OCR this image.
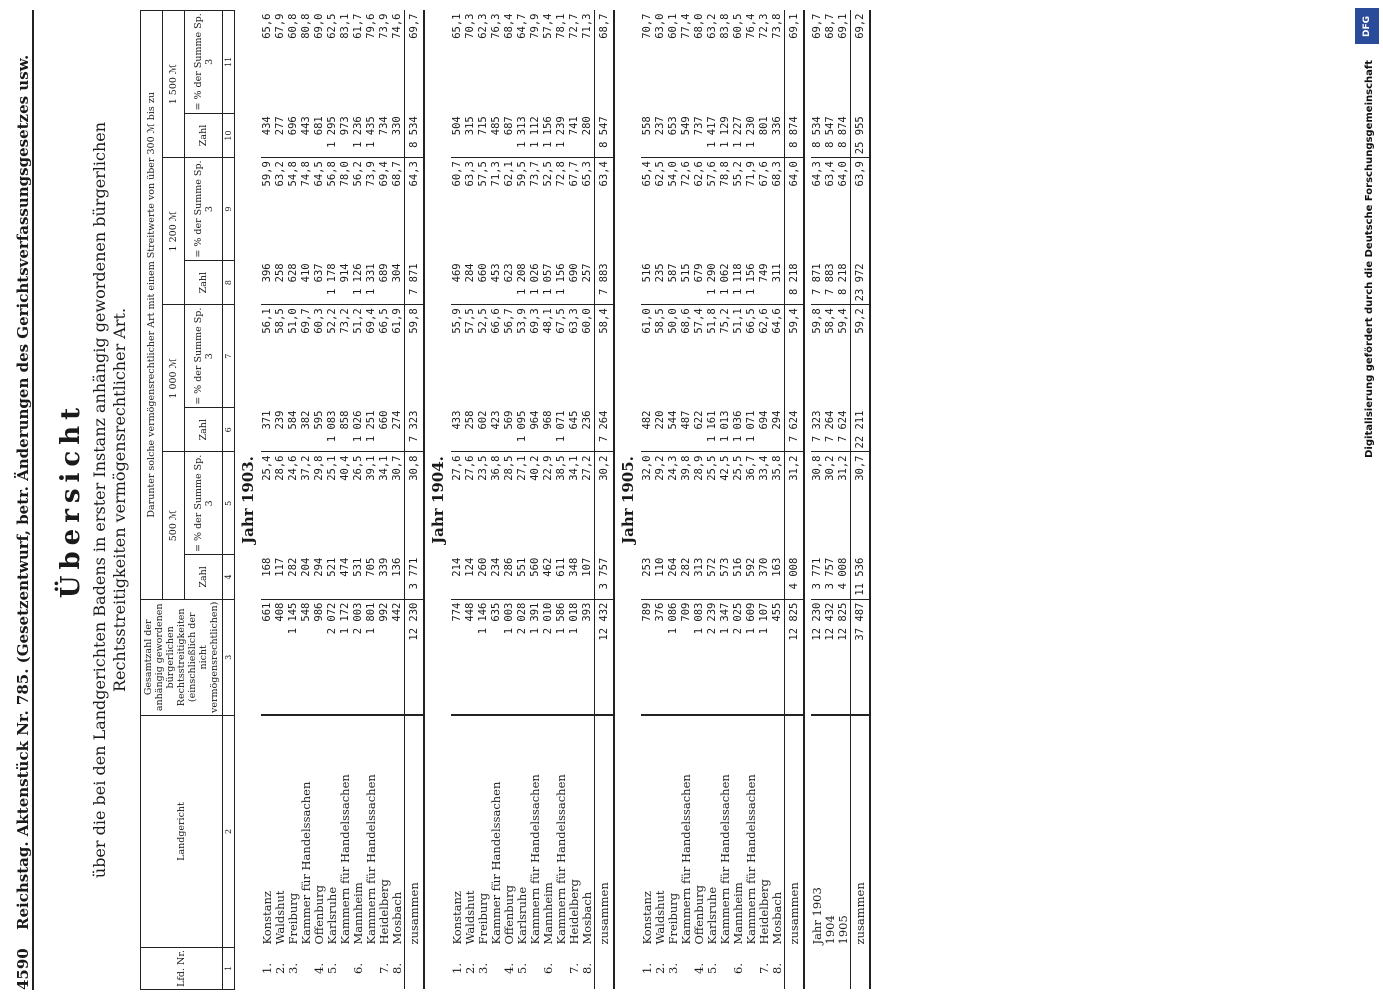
4590
Reichstag. Aktenstück Nr. 785. (Gesetzentwurf, betr. Änderungen des Gerichtsverfassungsgesetzes usw. Übersicht über die bei den Landgerichten Badens in erster Instanz anhängig gewordenen bürgerlichen Rechtsstreitigkeiten vermögensrechtlicher Art.
Lfd. Nr.	Landgericht	Gesamtzahl der anhängig gewordenen bürgerlichen Rechtsstreitigkeiten (einschließlich der nicht vermögensrechtlichen)	Darunter solche vermögensrechtlicher Art mit einem Streitwerte von über 300 ℳ bis zu							
			500 ℳ		1 000 ℳ		1 200 ℳ		1 500 ℳ	
			Zahl	= % der Summe Sp. 3	Zahl	= % der Summe Sp. 3	Zahl	= % der Summe Sp. 3	Zahl	= % der Summe Sp. 3
1	2	3	4	5	6	7	8	9	10	11
Jahr 1903.										
1.	Konstanz	661	168	25,4	371	56,1	396	59,9	434	65,6
2.	Waldshut	408	117	28,6	239	58,5	258	63,2	277	67,9
3.	Freiburg	1 145	282	24,6	584	51,0	628	54,8	696	60,8
	Kammer für Handelssachen	548	204	37,2	382	69,7	410	74,8	443	80,8
4.	Offenburg	986	294	29,8	595	60,3	637	64,5	681	69,0
5.	Karlsruhe	2 072	521	25,1	1 083	52,2	1 178	56,8	1 295	62,5
	Kammern für Handelssachen	1 172	474	40,4	858	73,2	914	78,0	973	83,1
6.	Mannheim	2 003	531	26,5	1 026	51,2	1 126	56,2	1 236	61,7
	Kammern für Handelssachen	1 801	705	39,1	1 251	69,4	1 331	73,9	1 435	79,6
7.	Heidelberg	992	339	34,1	660	66,5	689	69,4	734	73,9
8.	Mosbach	442	136	30,7	274	61,9	304	68,7	330	74,6
	zusammen	12 230	3 771	30,8	7 323	59,8	7 871	64,3	8 534	69,7
Jahr 1904.										
1.	Konstanz	774	214	27,6	433	55,9	469	60,7	504	65,1
2.	Waldshut	448	124	27,6	258	57,5	284	63,3	315	70,3
3.	Freiburg	1 146	260	23,5	602	52,5	660	57,5	715	62,3
	Kammer für Handelssachen	635	234	36,8	423	66,6	453	71,3	485	76,3
4.	Offenburg	1 003	286	28,5	569	56,7	623	62,1	687	68,4
5.	Karlsruhe	2 028	551	27,1	1 095	53,9	1 208	59,5	1 313	64,7
	Kammern für Handelssachen	1 391	560	40,2	964	69,3	1 026	73,7	1 112	79,9
6.	Mannheim	2 010	462	22,9	968	48,1	1 057	52,5	1 156	57,4
	Kammern für Handelssachen	1 586	611	38,5	1 071	67,5	1 156	72,8	1 239	78,1
7.	Heidelberg	1 018	348	34,1	645	63,3	690	67,7	741	72,7
8.	Mosbach	393	107	27,2	236	60,0	257	65,3	280	71,3
	zusammen	12 432	3 757	30,2	7 264	58,4	7 883	63,4	8 547	68,7
Jahr 1905.										
1.	Konstanz	789	253	32,0	482	61,0	516	65,4	558	70,7
2.	Waldshut	376	110	29,2	220	58,5	235	62,5	237	63,0
3.	Freiburg	1 086	264	24,3	544	50,0	587	54,0	653	60,1
	Kammern für Handelssachen	709	282	39,8	487	68,6	515	72,6	549	77,4
4.	Offenburg	1 083	313	28,9	622	57,4	679	62,6	737	68,0
5.	Karlsruhe	2 239	572	25,5	1 161	51,8	1 290	57,6	1 417	63,2
	Kammern für Handelssachen	1 347	573	42,5	1 013	75,2	1 062	78,8	1 129	83,8
6.	Mannheim	2 025	516	25,5	1 036	51,1	1 118	55,2	1 227	60,5
	Kammern für Handelssachen	1 609	592	36,7	1 071	66,5	1 156	71,9	1 230	76,4
7.	Heidelberg	1 107	370	33,4	694	62,6	749	67,6	801	72,3
8.	Mosbach	455	163	35,8	294	64,6	311	68,3	336	73,8
	zusammen	12 825	4 008	31,2	7 624	59,4	8 218	64,0	8 874	69,1

	Jahr 1903	12 230	3 771	30,8	7 323	59,8	7 871	64,3	8 534	69,7
	1904	12 432	3 757	30,2	7 264	58,4	7 883	63,4	8 547	68,7
	1905	12 825	4 008	31,2	7 624	59,4	8 218	64,0	8 874	69,1
	zusammen	37 487	11 536	30,7	22 211	59,2	23 972	63,9	25 955	69,2	DFG
Digitalisierung gefördert durch die Deutsche Forschungsgemeinschaft
